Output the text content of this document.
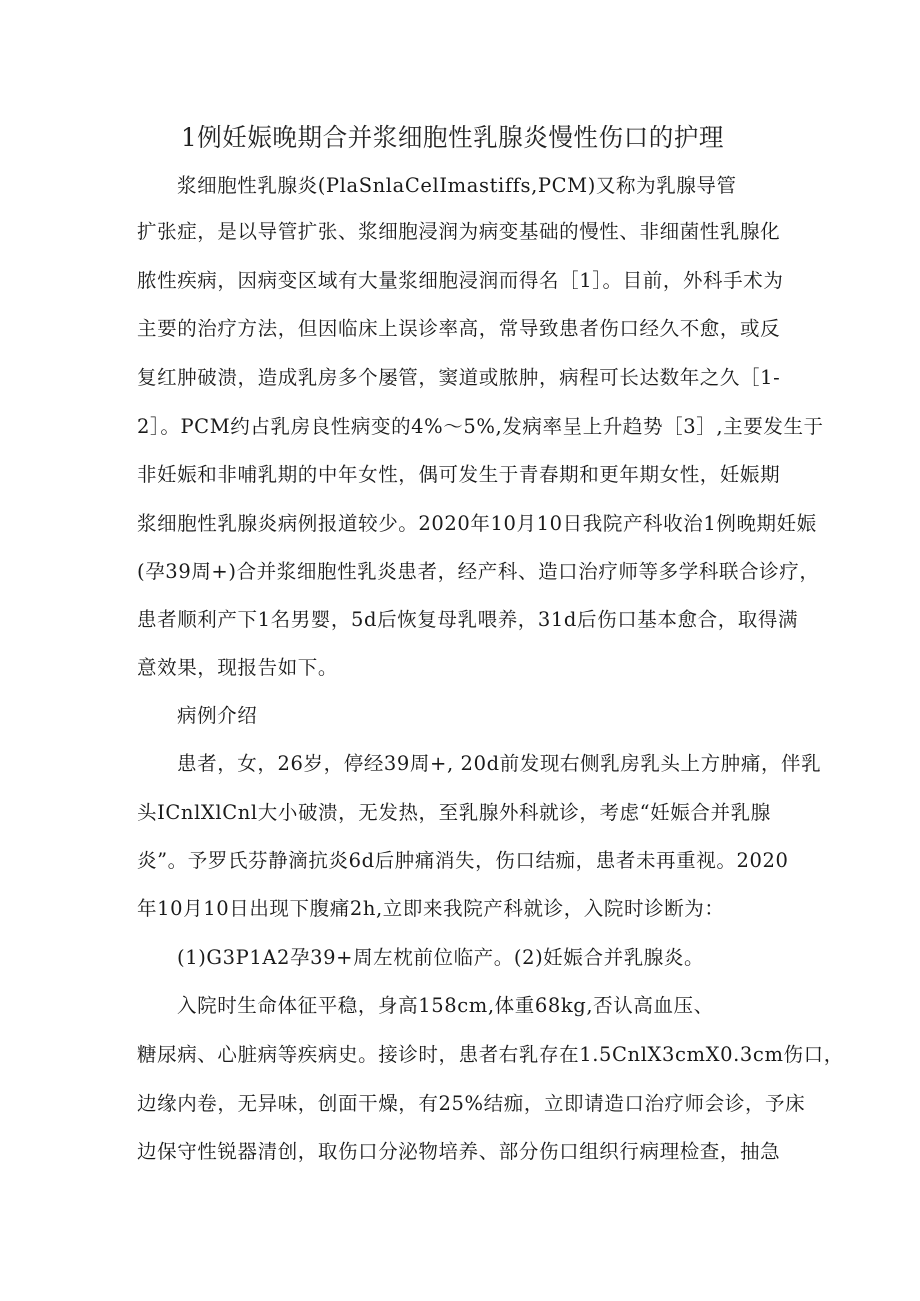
1例妊娠晚期合并浆细胞性乳腺炎慢性伤口的护理
浆细胞性乳腺炎(PlaSnlaCelImastiffs,PCM)又称为乳腺导管
扩张症，是以导管扩张、浆细胞浸润为病变基础的慢性、非细菌性乳腺化
脓性疾病，因病变区域有大量浆细胞浸润而得名［1］。目前，外科手术为
主要的治疗方法，但因临床上误诊率高，常导致患者伤口经久不愈，或反
复红肿破溃，造成乳房多个屡管，窦道或脓肿，病程可长达数年之久［1-
2］。PCM约占乳房良性病变的4%〜5%,发病率呈上升趋势［3］,主要发生于
非妊娠和非哺乳期的中年女性，偶可发生于青春期和更年期女性，妊娠期
浆细胞性乳腺炎病例报道较少。2020年10月10日我院产科收治1例晚期妊娠
(孕39周+)合并浆细胞性乳炎患者，经产科、造口治疗师等多学科联合诊疗，
患者顺利产下1名男婴，5d后恢复母乳喂养，31d后伤口基本愈合，取得满
意效果，现报告如下。
病例介绍
患者，女，26岁，停经39周+, 20d前发现右侧乳房乳头上方肿痛，伴乳
头ICnlXlCnl大小破溃，无发热，至乳腺外科就诊，考虑“妊娠合并乳腺
炎”。予罗氏芬静滴抗炎6d后肿痛消失，伤口结痂，患者未再重视。2020
年10月10日出现下腹痛2h,立即来我院产科就诊，入院时诊断为：
(1)G3P1A2孕39+周左枕前位临产。(2)妊娠合并乳腺炎。
入院时生命体征平稳，身高158cm,体重68kg,否认高血压、
糖尿病、心脏病等疾病史。接诊时，患者右乳存在1.5CnlX3cmX0.3cm伤口，
边缘内卷，无异味，创面干燥，有25%结痂，立即请造口治疗师会诊，予床
边保守性锐器清创，取伤口分泌物培养、部分伤口组织行病理检查，抽急
